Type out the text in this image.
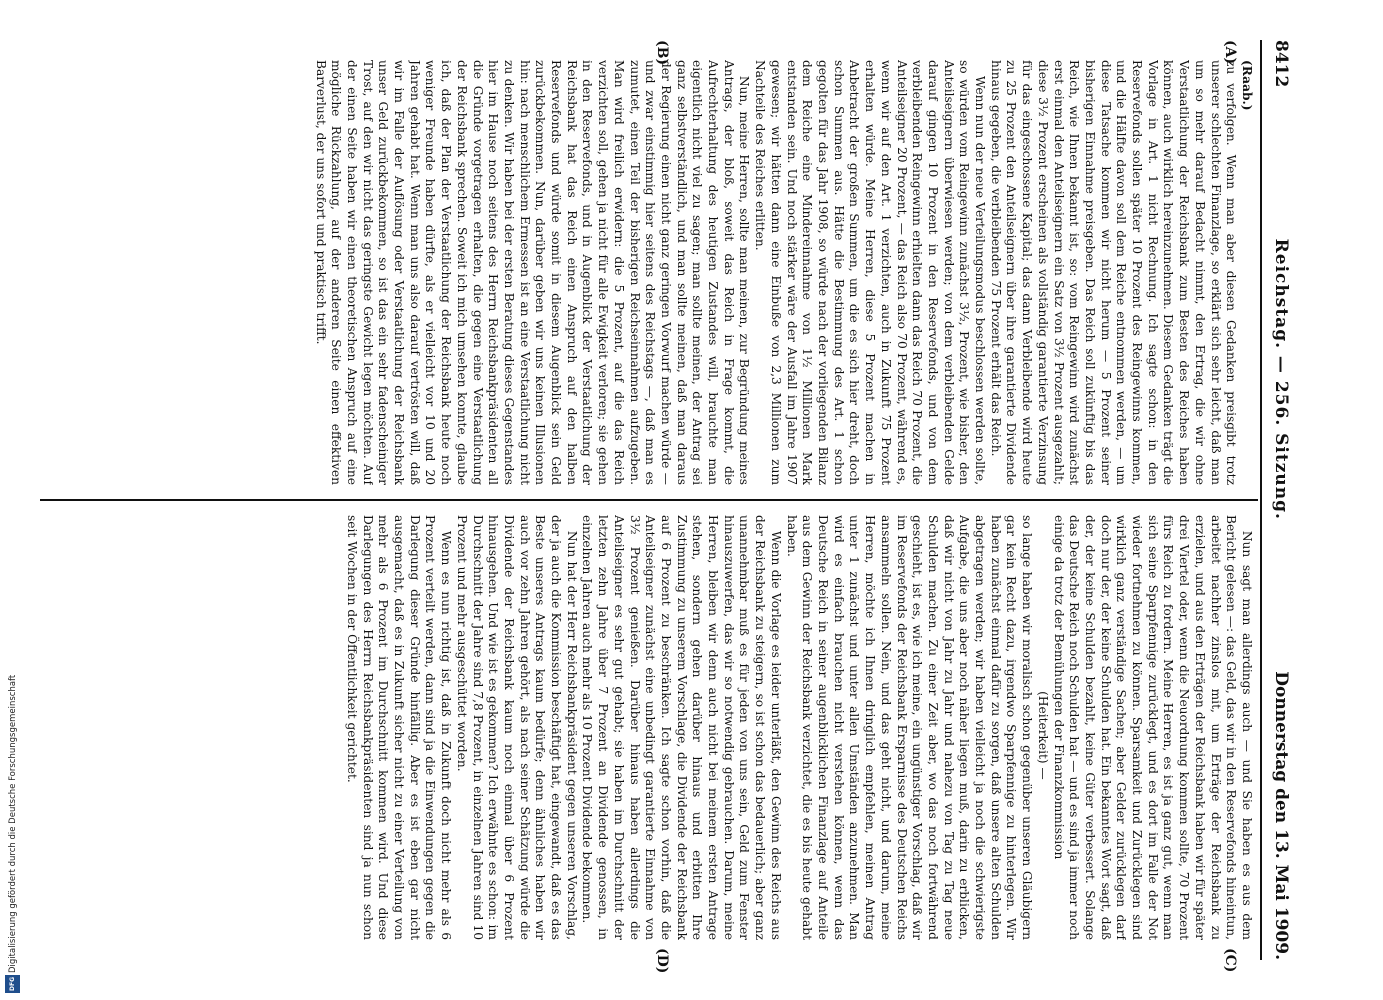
8412
Reichstag. — 256. Sitzung.
Donnerstag den 13. Mai 1909.
(A)
(B)
(C)
(D)

(Raab.)

zu verfolgen. Wenn man aber diesen Gedanken preisgibt trotz unserer schlechten Finanzlage, so erklärt sich sehr leicht, daß man um so mehr darauf Bedacht nimmt, den Ertrag, die wir ohne Verstaatlichung der Reichsbank zum Besten des Reiches haben können, auch wirklich hereinzunehmen. Diesem Gedanken trägt die Vorlage in Art. 1 nicht Rechnung. Ich sagte schon: in den Reservefonds sollen später 10 Prozent des Reingewinns kommen, und die Hälfte davon soll dem Reiche entnommen werden, — um diese Tatsache kommen wir nicht herum — 5 Prozent seiner bisherigen Einnahme preisgeben. Das Reich soll zukünftig bis das Reich, wie Ihnen bekannt ist, so: vom Reingewinn wird zunächst erst einmal den Anteilseignern ein Satz von 3½ Prozent ausgezahlt; diese 3½ Prozent erscheinen als vollständig garantierte Verzinsung für das eingeschossene Kapital; das dann Verbleibende wird heute zu 25 Prozent den Anteilseignern über ihre garantierte Dividende hinaus gegeben, die verbleibenden 75 Prozent erhält das Reich.

Wenn nun der neue Verteilungsmodus beschlossen werden sollte, so würden vom Reingewinn zunächst 3½, Prozent, wie bisher, den Anteilseignern überwiesen werden; von dem verbleibenden Gelde darauf gingen 10 Prozent in den Reservefonds, und von dem verbleibenden Reingewinn erhielten dann das Reich 70 Prozent, die Anteilseigner 20 Prozent, — das Reich also 70 Prozent, während es, wenn wir auf den Art. 1 verzichten, auch in Zukunft 75 Prozent erhalten würde. Meine Herren, diese 5 Prozent machen in Anbetracht der großen Summen, um die es sich hier dreht, doch schon Summen aus. Hätte die Bestimmung des Art. 1 schon gegolten für das Jahr 1908, so würde nach der vorliegenden Bilanz dem Reiche eine Mindereinnahme von 1½ Millionen Mark entstanden sein. Und noch stärker wäre der Ausfall im Jahre 1907 gewesen; wir hätten dann eine Einbuße von 2,3 Millionen zum Nachteile des Reiches erlitten.

Nun, meine Herren, sollte man meinen, zur Begründung meines Antrags, der bloß, soweit das Reich in Frage kommt, die Aufrechterhaltung des heutigen Zustandes will, brauchte man eigentlich nicht viel zu sagen; man sollte meinen, der Antrag sei ganz selbstverständlich, und man sollte meinen, daß man daraus der Regierung einen nicht ganz geringen Vorwurf machen würde — und zwar einstimmig hier seitens des Reichstags —, daß man es zumutet, einen Teil der bisherigen Reichseinnahmen aufzugeben. Man wird freilich erwidern: die 5 Prozent, auf die das Reich verzichten soll, gehen ja nicht für alle Ewigkeit verloren; sie gehen in den Reservefonds, und in Augenblick der Verstaatlichung der Reichsbank hat das Reich einen Anspruch auf den halben Reservefonds und würde somit in diesem Augenblick sein Geld zurückbekommen. Nun, darüber geben wir uns keinen Illusionen hin: nach menschlichem Ermessen ist an eine Verstaatlichung nicht zu denken. Wir haben bei der ersten Beratung dieses Gegenstandes hier im Hause noch seitens des Herrn Reichsbankpräsidenten all die Gründe vorgetragen erhalten, die gegen eine Verstaatlichung der Reichsbank sprechen. Soweit ich mich umsehen konnte, glaube ich, daß der Plan der Verstaatlichung der Reichsbank heute noch weniger Freunde haben dürfte, als er vielleicht vor 10 und 20 Jahren gehabt hat. Wenn man uns also darauf vertrösten will, daß wir im Falle der Auflösung oder Verstaatlichung der Reichsbank unser Geld zurückbekommen, so ist das ein sehr fadenscheiniger Trost, auf den wir nicht das geringste Gewicht legen möchten. Auf der einen Seite haben wir einen theoretischen Anspruch auf eine mögliche Rückzahlung, auf der anderen Seite einen effektiven Barverlust, der uns sofort und praktisch trifft.

Nun sagt man allerdings auch — und Sie haben es aus dem Bericht gelesen —: das Geld, das wir in den Reservefonds hineintun, arbeitet nachher zinslos mit, um Erträge der Reichsbank zu erzielen, und aus den Erträgen der Reichsbank haben wir für später drei Viertel oder, wenn die Neuordnung kommen sollte, 70 Prozent fürs Reich zu fordern. Meine Herren, es ist ja ganz gut, wenn man sich seine Sparpfennige zurücklegt, und es dort im Falle der Not wieder fortnehmen zu können. Sparsamkeit und Zurücklegen sind wirklich ganz verständige Sachen; aber Gelder zurücklegen darf doch nur der, der keine Schulden hat. Ein bekanntes Wort sagt, daß der, der keine Schulden bezahlt, keine Güter verbessert. Solange das Deutsche Reich noch Schulden hat — und es sind ja immer noch einige da trotz der Bemühungen der Finanzkommission

(Heiterkeit) —

so lange haben wir moralisch schon gegenüber unseren Gläubigern gar kein Recht dazu, irgendwo Sparpfennige zu hinterlegen. Wir haben zunächst einmal dafür zu sorgen, daß unsere alten Schulden abgetragen werden; wir haben vielleicht ja noch die schwierigste Aufgabe, die uns aber noch näher liegen muß, darin zu erblicken, daß wir nicht von Jahr zu Jahr und nahezu von Tag zu Tag neue Schulden machen. Zu einer Zeit aber, wo das noch fortwährend geschieht, ist es, wie ich meine, ein ungünstiger Vorschlag, daß wir im Reservefonds der Reichsbank Ersparnisse des Deutschen Reichs ansammeln sollen. Nein, und das geht nicht, und darum, meine Herren, möchte ich Ihnen dringlich empfehlen, meinen Antrag unter 1 zunächst und unter allen Umständen anzunehmen. Man wird es einfach brauchen nicht verstehen können, wenn das Deutsche Reich in seiner augenblicklichen Finanzlage auf Anteile aus dem Gewinn der Reichsbank verzichtet, die es bis heute gehabt haben.

Wenn die Vorlage es leider unterläßt, den Gewinn des Reichs aus der Reichsbank zu steigern, so ist schon das bedauerlich; aber ganz unannehmbar muß es für jeden von uns sein, Geld zum Fenster hinauszuwerfen, das wir so notwendig gebrauchen. Darum, meine Herren, bleiben wir denn auch nicht bei meinem ersten Antrage stehen, sondern gehen darüber hinaus und erbitten Ihre Zustimmung zu unserem Vorschlage, die Dividende der Reichsbank auf 6 Prozent zu beschränken. Ich sagte schon vorhin, daß die Anteilseigner zunächst eine unbedingt garantierte Einnahme von 3½ Prozent genießen. Darüber hinaus haben allerdings die Anteilseigner es sehr gut gehabt; sie haben im Durchschnitt der letzten zehn Jahre über 7 Prozent an Dividende genossen, in einzelnen Jahren auch mehr als 10 Prozent Dividende bekommen.

Nun hat der Herr Reichsbankpräsident gegen unseren Vorschlag, der ja auch die Kommission beschäftigt hat, eingewandt, daß es das Beste unseres Antrags kaum bedürfe; denn ähnliches haben wir auch vor zehn Jahren gehört, als nach seiner Schätzung würde die Dividende der Reichsbank kaum noch einmal über 6 Prozent hinausgehen. Und wie ist es gekommen? Ich erwähnte es schon: im Durchschnitt der Jahre sind 7,8 Prozent, in einzelnen Jahren sind 10 Prozent und mehr ausgeschüttet worden.

Wenn es nun richtig ist, daß in Zukunft doch nicht mehr als 6 Prozent verteilt werden, dann sind ja die Einwendungen gegen die Darlegung dieser Gründe hinfällig. Aber es ist eben gar nicht ausgemacht, daß es in Zukunft sicher nicht zu einer Verteilung von mehr als 6 Prozent im Durchschnitt kommen wird. Und diese Darlegungen des Herrn Reichsbankpräsidenten sind ja nun schon seit Wochen in der Öffentlichkeit gerichtet.

Digitalisierung gefördert durch die Deutsche Forschungsgemeinschaft
DFG
